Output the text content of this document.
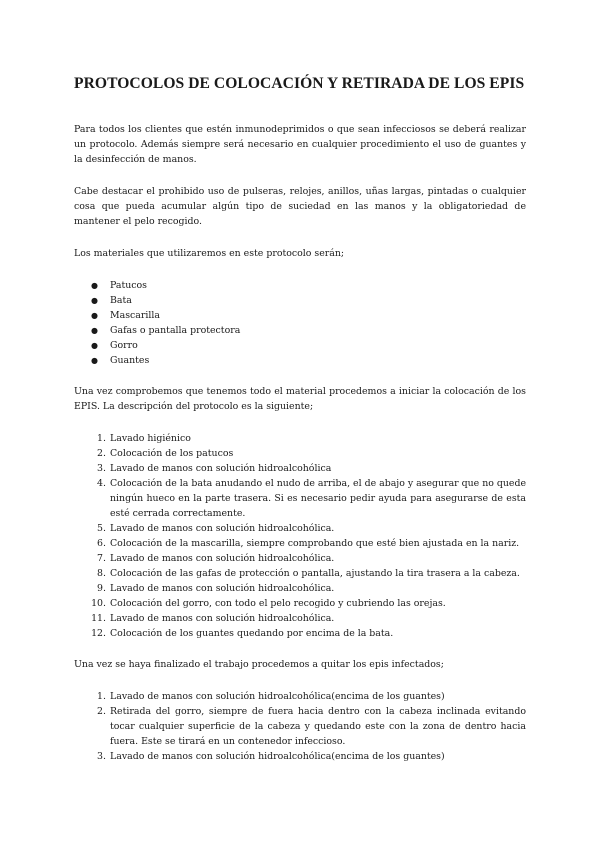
PROTOCOLOS DE COLOCACIÓN Y RETIRADA DE LOS EPIS

Para todos los clientes que estén inmunodeprimidos o que sean infecciosos se deberá realizar un protocolo. Además siempre será necesario en cualquier procedimiento el uso de guantes y la desinfección de manos.

Cabe destacar el prohibido uso de pulseras, relojes, anillos, uñas largas, pintadas o cualquier cosa que pueda acumular algún tipo de suciedad en las manos y la obligatoriedad de mantener el pelo recogido.

Los materiales que utilizaremos en este protocolo serán;

● Patucos
● Bata
● Mascarilla
● Gafas o pantalla protectora
● Gorro
● Guantes

Una vez comprobemos que tenemos todo el material procedemos a iniciar la colocación de los EPIS. La descripción del protocolo es la siguiente;

1. Lavado higiénico
2. Colocación de los patucos
3. Lavado de manos con solución hidroalcohólica
4. Colocación de la bata anudando el nudo de arriba, el de abajo y asegurar que no quede ningún hueco en la parte trasera. Si es necesario pedir ayuda para asegurarse de esta esté cerrada correctamente.
5. Lavado de manos con solución hidroalcohólica.
6. Colocación de la mascarilla, siempre comprobando que esté bien ajustada en la nariz.
7. Lavado de manos con solución hidroalcohólica.
8. Colocación de las gafas de protección o pantalla, ajustando la tira trasera a la cabeza.
9. Lavado de manos con solución hidroalcohólica.
10. Colocación del gorro, con todo el pelo recogido y cubriendo las orejas.
11. Lavado de manos con solución hidroalcohólica.
12. Colocación de los guantes quedando por encima de la bata.

Una vez se haya finalizado el trabajo procedemos a quitar los epis infectados;

1. Lavado de manos con solución hidroalcohólica(encima de los guantes)
2. Retirada del gorro, siempre de fuera hacia dentro con la cabeza inclinada evitando tocar cualquier superficie de la cabeza y quedando este con la zona de dentro hacia fuera. Este se tirará en un contenedor infeccioso.
3. Lavado de manos con solución hidroalcohólica(encima de los guantes)
